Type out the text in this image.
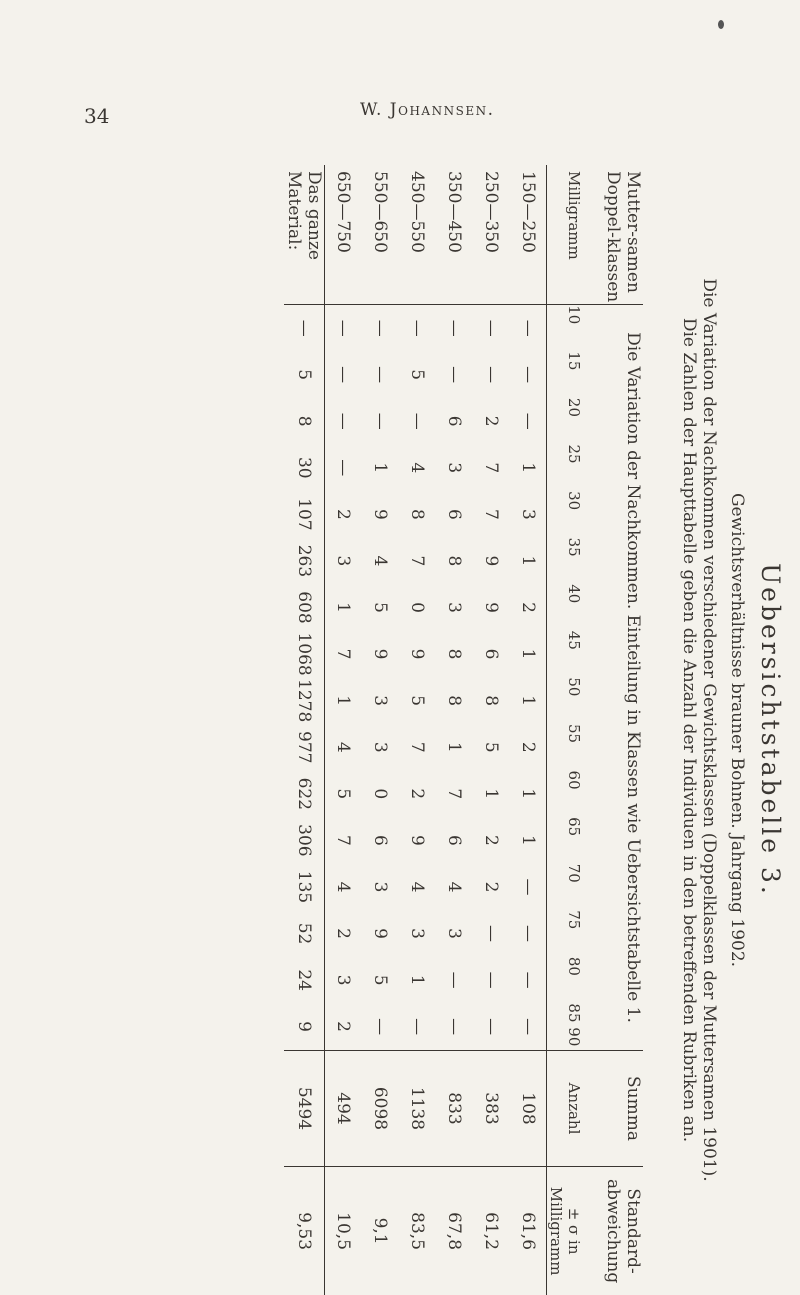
34	W. Johannsen.
Uebersichtstabelle 3.
Gewichtsverhältnisse brauner Bohnen. Jahrgang 1902.
Die Variation der Nachkommen verschiedener Gewichtsklassen (Doppelklassen der Muttersamen 1901).
Die Zahlen der Haupttabelle geben die Anzahl der Individuen in den betreffenden Rubriken an.
Mutter-samen Doppel-klassen	Die Variation der Nachkommen. Einteilung in Klassen wie Uebersichtstabelle 1.																Summa	Standard-abweichung
Milligramm	10	15	20	25	30	35	40	45	50	55	60	65	70	75	80	85 90	Anzahl	± σ in Milligramm
150—250	—	—	—	1	3	1	2	1	1	2	1	1	—	—	—	—	108	61,6
250—350	—	—	2	7	7	9	9	6	8	5	1	2	2	—	—	—	383	61,2
350—450	—	—	6	3	6	8	3	8	8	1	7	6	4	3	—	—	833	67,8
450—550	—	5	—	4	8	7	0	9	5	7	2	9	4	3	1	—	1138	83,5
550—650	—	—	—	1	9	4	5	9	3	3	0	6	3	9	5	—	6098	9,1
650—750	—	—	—	—	2	3	1	7	1	4	5	7	4	2	3	2	494	10,5
Das ganze Material:	—	5	8	30	107	263	608	1068	1278	977	622	306	135	52	24	9	5494	9,53
